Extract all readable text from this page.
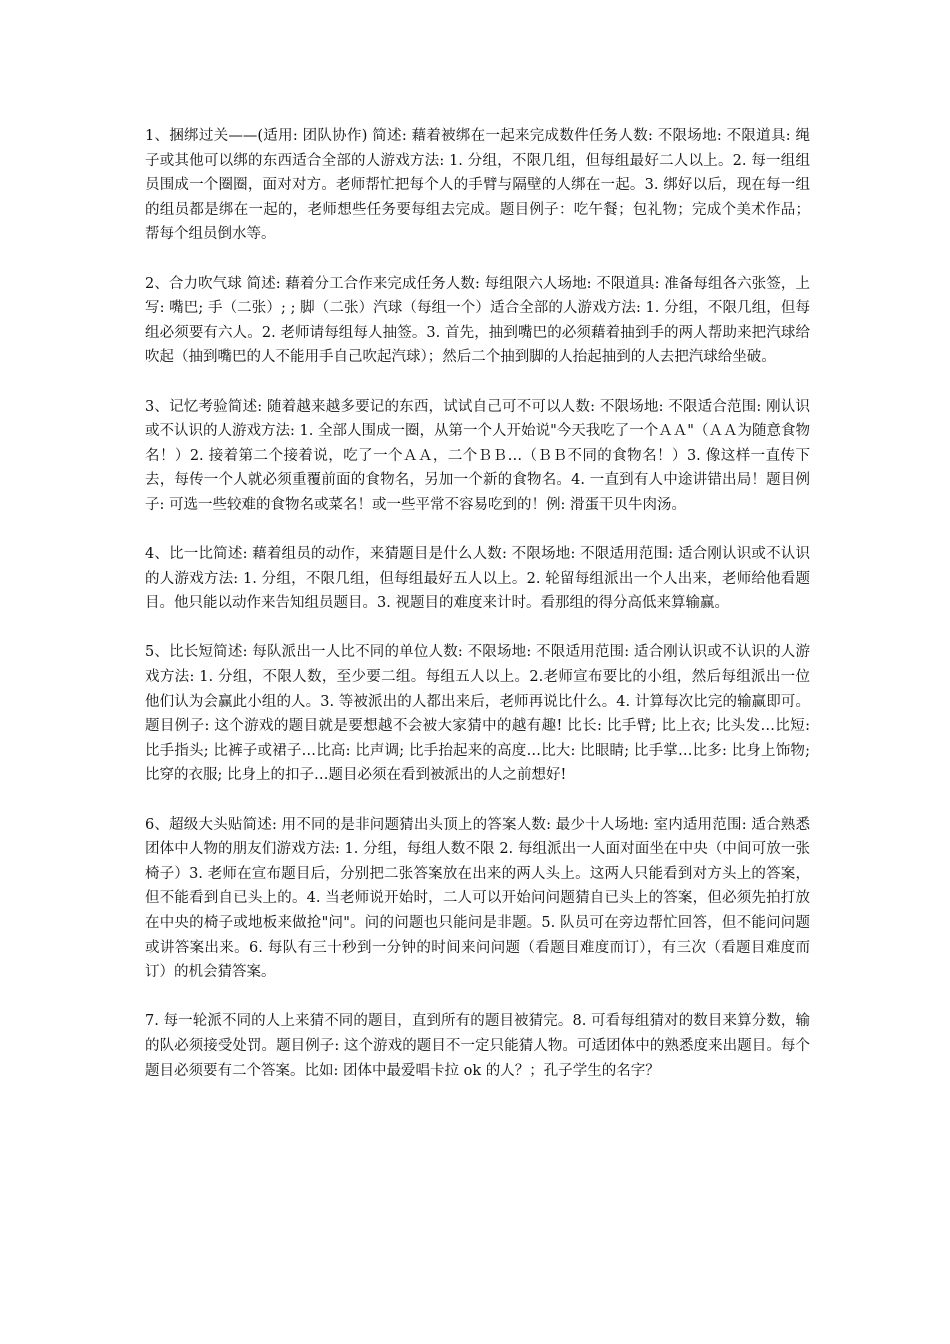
1、捆绑过关——(适用: 团队协作) 简述: 藉着被绑在一起来完成数件任务人数: 不限场地: 不限道具: 绳子或其他可以绑的东西适合全部的人游戏方法: 1. 分组，不限几组，但每组最好二人以上。2. 每一组组员围成一个圈圈，面对对方。老师帮忙把每个人的手臂与隔壁的人绑在一起。3. 绑好以后，现在每一组的组员都是绑在一起的，老师想些任务要每组去完成。题目例子：吃午餐；包礼物；完成个美术作品；帮每个组员倒水等。

2、合力吹气球 简述: 藉着分工合作来完成任务人数: 每组限六人场地: 不限道具: 准备每组各六张签，上写: 嘴巴; 手（二张）; ; 脚（二张）汽球（每组一个）适合全部的人游戏方法: 1. 分组，不限几组，但每组必须要有六人。2. 老师请每组每人抽签。3. 首先，抽到嘴巴的必须藉着抽到手的两人帮助来把汽球给吹起（抽到嘴巴的人不能用手自己吹起汽球）；然后二个抽到脚的人抬起抽到的人去把汽球给坐破。

3、记忆考验简述: 随着越来越多要记的东西，试试自己可不可以人数: 不限场地: 不限适合范围: 刚认识或不认识的人游戏方法: 1. 全部人围成一圈，从第一个人开始说"今天我吃了一个ＡＡ"（ＡＡ为随意食物名！）2. 接着第二个接着说，吃了一个ＡＡ，二个ＢＢ…（ＢＢ不同的食物名！）3. 像这样一直传下去，每传一个人就必须重覆前面的食物名，另加一个新的食物名。4. 一直到有人中途讲错出局！题目例子: 可选一些较难的食物名或菜名！或一些平常不容易吃到的！例: 滑蛋干贝牛肉汤。

4、比一比简述: 藉着组员的动作，来猜题目是什么人数: 不限场地: 不限适用范围: 适合刚认识或不认识的人游戏方法: 1. 分组，不限几组，但每组最好五人以上。2. 轮留每组派出一个人出来，老师给他看题目。他只能以动作来告知组员题目。3. 视题目的难度来计时。看那组的得分高低来算输赢。

5、比长短简述: 每队派出一人比不同的单位人数: 不限场地: 不限适用范围: 适合刚认识或不认识的人游戏方法: 1. 分组，不限人数，至少要二组。每组五人以上。2.老师宣布要比的小组，然后每组派出一位他们认为会赢此小组的人。3. 等被派出的人都出来后，老师再说比什么。4. 计算每次比完的输赢即可。题目例子: 这个游戏的题目就是要想越不会被大家猜中的越有趣! 比长: 比手臂; 比上衣; 比头发…比短: 比手指头; 比裤子或裙子…比高: 比声调; 比手抬起来的高度…比大: 比眼睛; 比手掌…比多: 比身上饰物; 比穿的衣服; 比身上的扣子…题目必须在看到被派出的人之前想好!

6、超级大头贴简述: 用不同的是非问题猜出头顶上的答案人数: 最少十人场地: 室内适用范围: 适合熟悉团体中人物的朋友们游戏方法: 1. 分组，每组人数不限 2. 每组派出一人面对面坐在中央（中间可放一张椅子）3. 老师在宣布题目后，分别把二张答案放在出来的两人头上。这两人只能看到对方头上的答案，但不能看到自已头上的。4. 当老师说开始时，二人可以开始问问题猜自已头上的答案，但必须先拍打放在中央的椅子或地板来做抢"问"。问的问题也只能问是非题。5. 队员可在旁边帮忙回答，但不能问问题或讲答案出来。6. 每队有三十秒到一分钟的时间来问问题（看题目难度而订），有三次（看题目难度而订）的机会猜答案。

7. 每一轮派不同的人上来猜不同的题目，直到所有的题目被猜完。8. 可看每组猜对的数目来算分数，输的队必须接受处罚。题目例子: 这个游戏的题目不一定只能猜人物。可适团体中的熟悉度来出题目。每个题目必须要有二个答案。比如: 团体中最爱唱卡拉 ok 的人？；孔子学生的名字？
